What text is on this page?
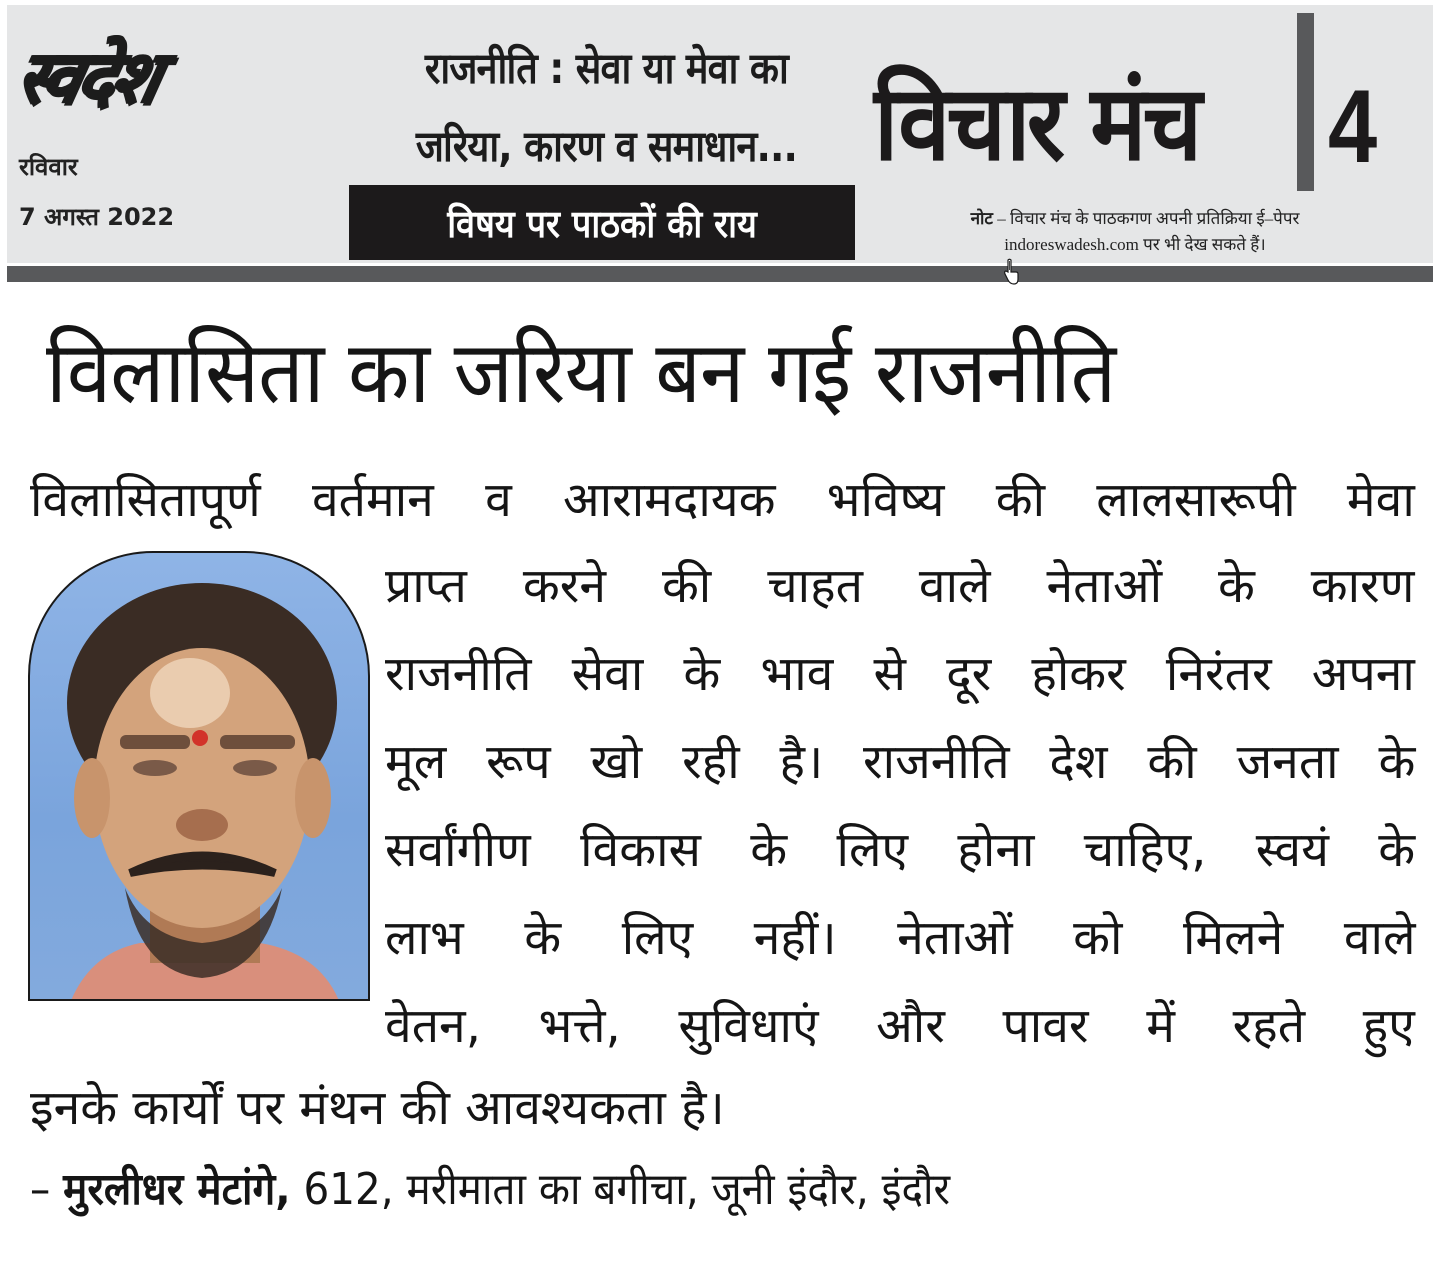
स्वदेश
रविवार
7 अगस्त 2022
राजनीति : सेवा या मेवा का
जरिया, कारण व समाधान...
विषय पर पाठकों की राय
विचार मंच 4
नोट – विचार मंच के पाठकगण अपनी प्रतिक्रिया ई–पेपर
indoreswadesh.com पर भी देख सकते हैं।
विलासिता का जरिया बन गई राजनीति
विलासितापूर्ण वर्तमान व आरामदायक भविष्य की लालसारूपी मेवा
प्राप्त करने की चाहत वाले नेताओं के कारण
राजनीति सेवा के भाव से दूर होकर निरंतर अपना
मूल रूप खो रही है। राजनीति देश की जनता के
सर्वांगीण विकास के लिए होना चाहिए, स्वयं के
लाभ के लिए नहीं। नेताओं को मिलने वाले
वेतन, भत्ते, सुविधाएं और पावर में रहते हुए
इनके कार्यों पर मंथन की आवश्यकता है।
– मुरलीधर मेटांगे, 612, मरीमाता का बगीचा, जूनी इंदौर, इंदौर
